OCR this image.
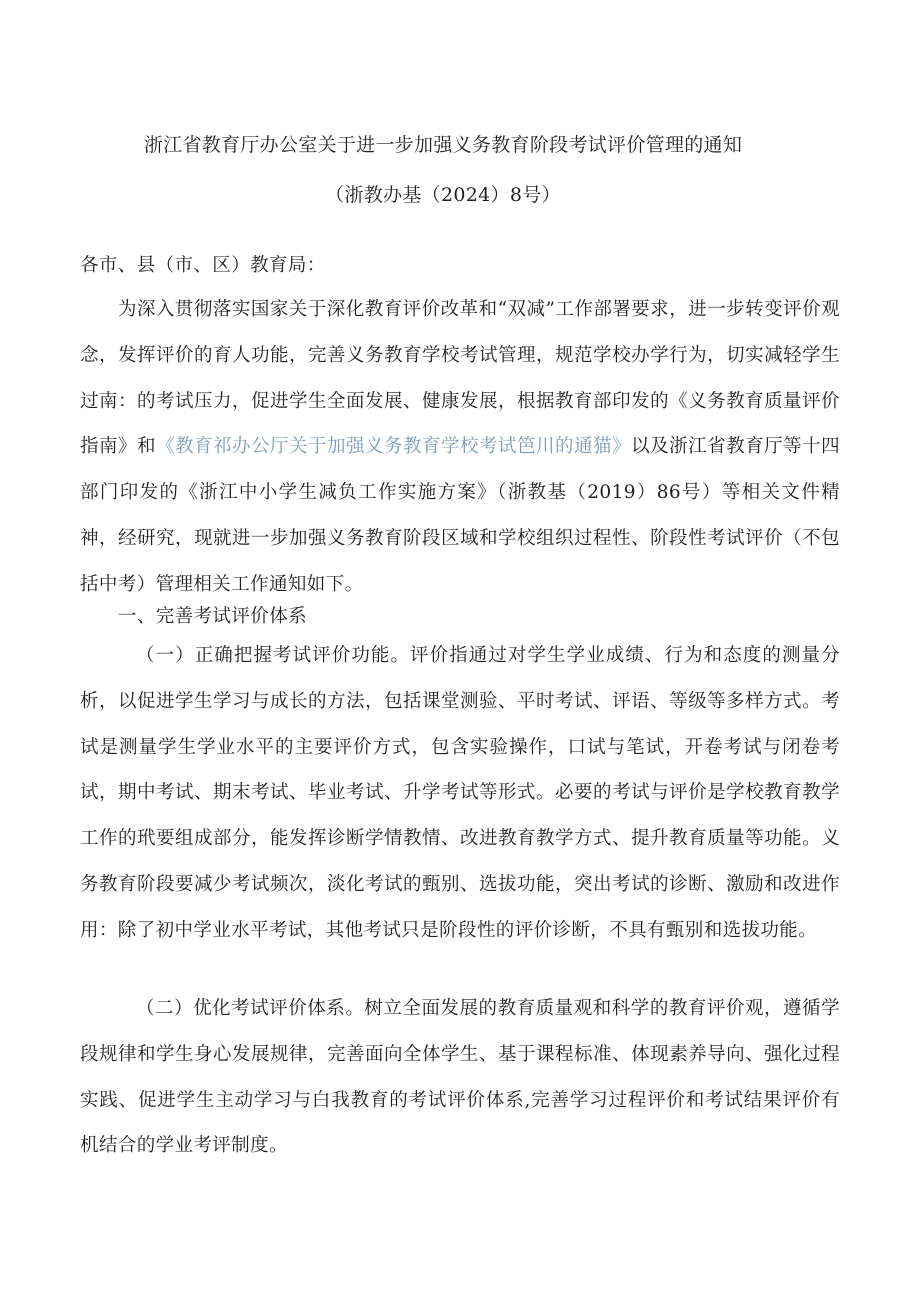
浙江省教育厅办公室关于进一步加强义务教育阶段考试评价管理的通知
（浙教办基（2024）8号）
各市、县（市、区）教育局：
为深入贯彻落实国家关于深化教育评价改革和“双减”工作部署要求，进一步转变评价观念，发挥评价的育人功能，完善义务教育学校考试管理，规范学校办学行为，切实减轻学生过南：的考试压力，促进学生全面发展、健康发展，根据教育部印发的《义务教育质量评价指南》和《教育祁办公厅关于加强义务教育学校考试笆川的通猫》以及浙江省教育厅等十四部门印发的《浙江中小学生减负工作实施方案》（浙教基（2019）86号）等相关文件精神，经研究，现就进一步加强义务教育阶段区域和学校组织过程性、阶段性考试评价（不包括中考）管理相关工作通知如下。
一、完善考试评价体系
（一）正确把握考试评价功能。评价指通过对学生学业成绩、行为和态度的测量分析，以促进学生学习与成长的方法，包括课堂测验、平时考试、评语、等级等多样方式。考试是测量学生学业水平的主要评价方式，包含实验操作，口试与笔试，开卷考试与闭卷考试，期中考试、期末考试、毕业考试、升学考试等形式。必要的考试与评价是学校教育教学工作的玳要组成部分，能发挥诊断学情教情、改进教育教学方式、提升教育质量等功能。义务教育阶段要减少考试频次，淡化考试的甄别、选拔功能，突出考试的诊断、激励和改进作用：除了初中学业水平考试，其他考试只是阶段性的评价诊断，不具有甄别和选拔功能。
（二）优化考试评价体系。树立全面发展的教育质量观和科学的教育评价观，遵循学段规律和学生身心发展规律，完善面向全体学生、基于课程标准、体现素养导向、强化过程实践、促进学生主动学习与白我教育的考试评价体系,完善学习过程评价和考试结果评价有机结合的学业考评制度。
